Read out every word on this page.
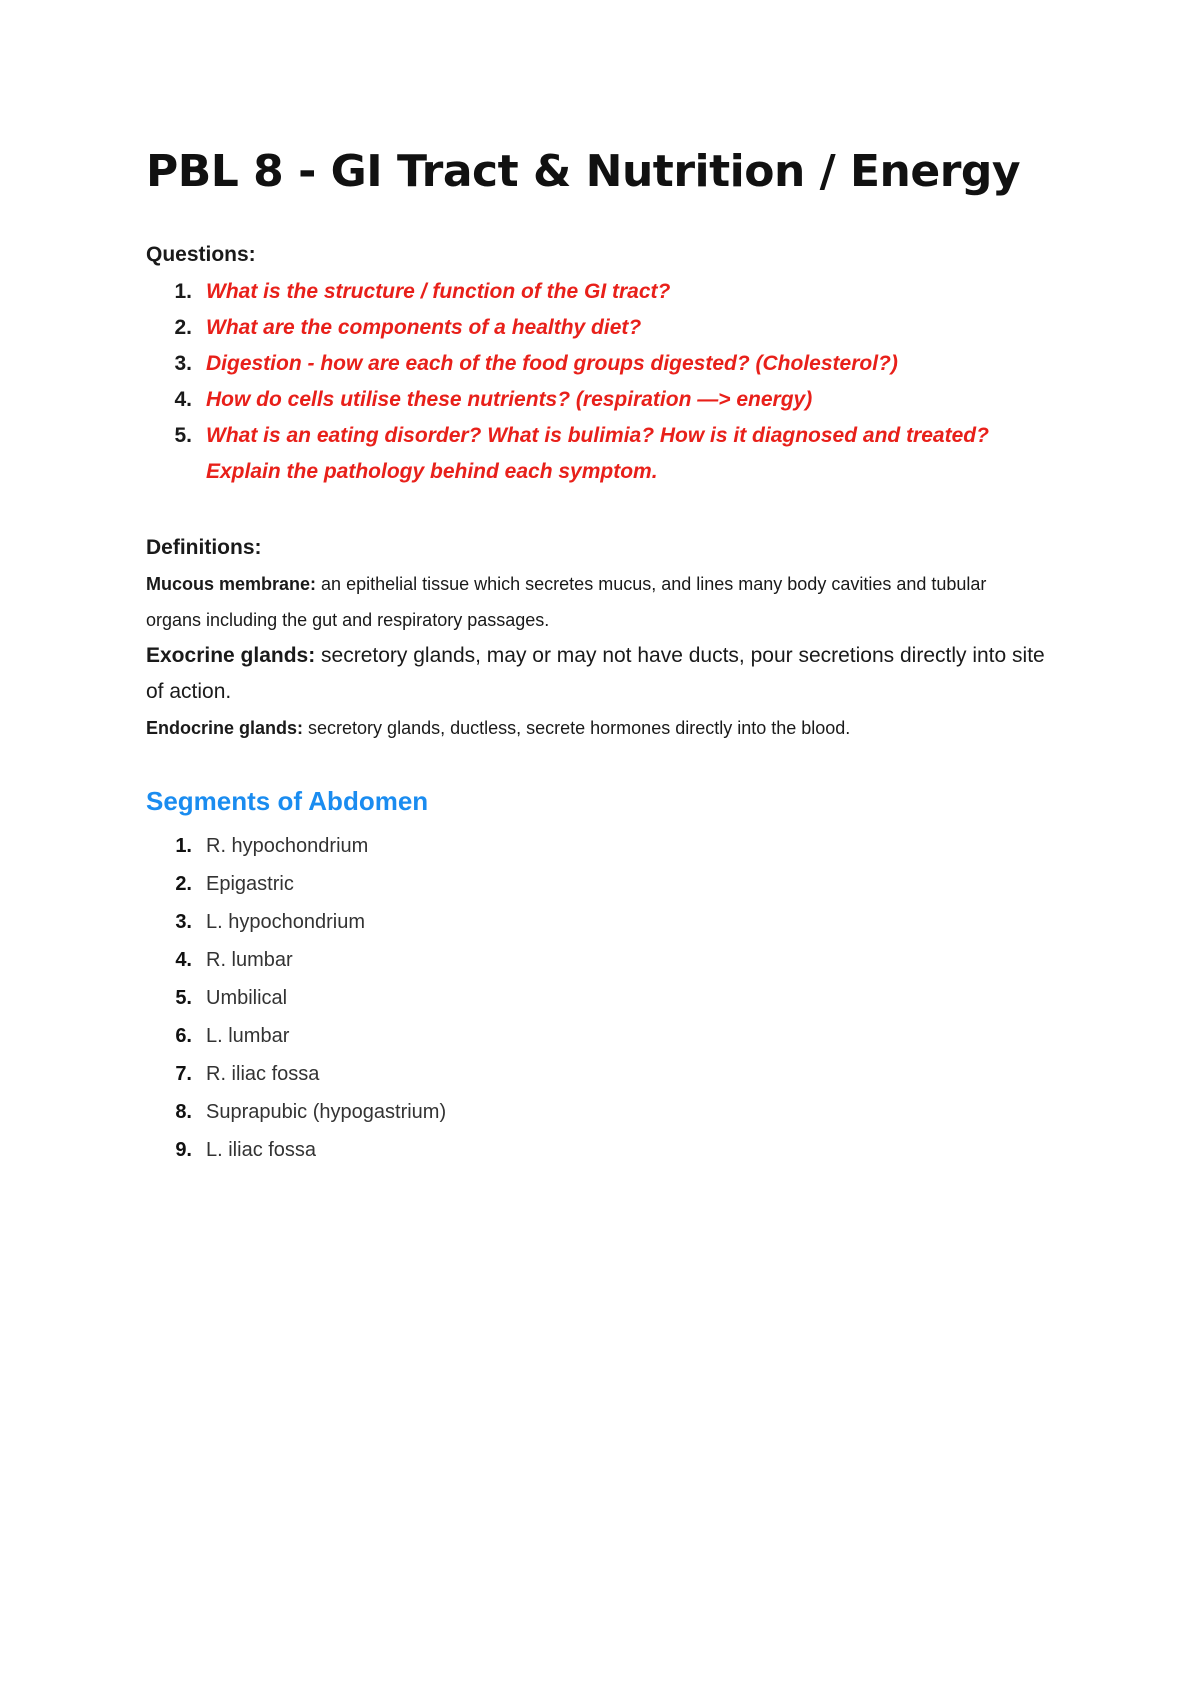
PBL 8 - GI Tract & Nutrition / Energy
Questions:
1. What is the structure / function of the GI tract?
2. What are the components of a healthy diet?
3. Digestion - how are each of the food groups digested? (Cholesterol?)
4. How do cells utilise these nutrients? (respiration —> energy)
5. What is an eating disorder? What is bulimia? How is it diagnosed and treated? Explain the pathology behind each symptom.
Definitions:
Mucous membrane: an epithelial tissue which secretes mucus, and lines many body cavities and tubular organs including the gut and respiratory passages.
Exocrine glands: secretory glands, may or may not have ducts, pour secretions directly into site of action.
Endocrine glands: secretory glands, ductless, secrete hormones directly into the blood.
Segments of Abdomen
1. R. hypochondrium
2. Epigastric
3. L. hypochondrium
4. R. lumbar
5. Umbilical
6. L. lumbar
7. R. iliac fossa
8. Suprapubic (hypogastrium)
9. L. iliac fossa
